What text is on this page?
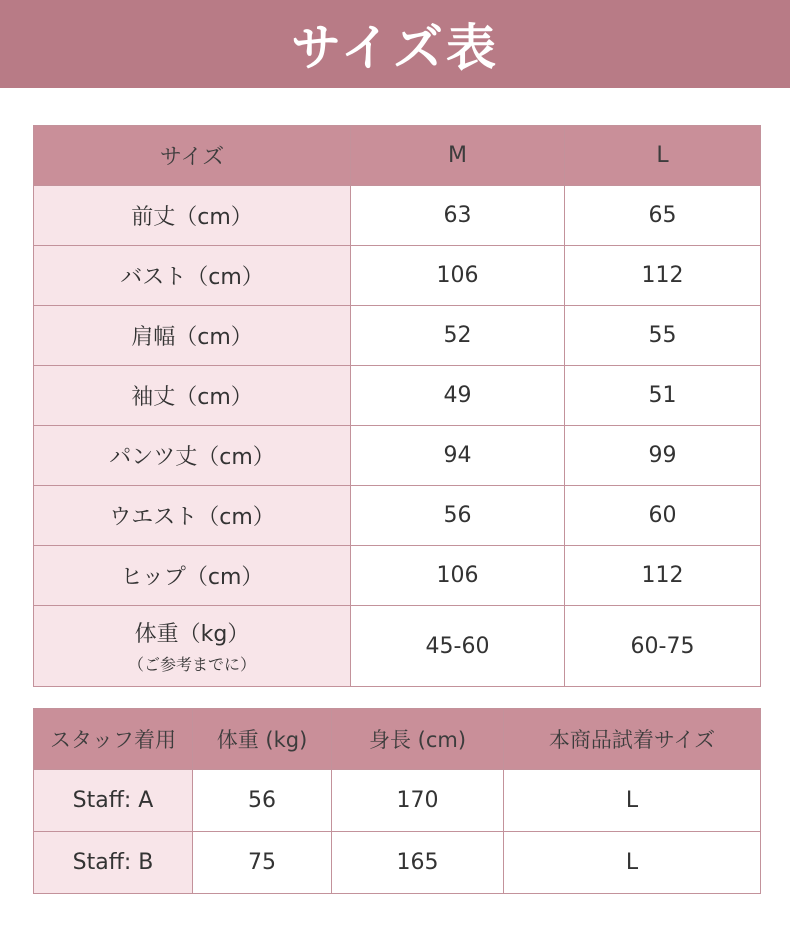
サイズ表
サイズ	M	L
前丈（cm）	63	65
バスト（cm）	106	112
肩幅（cm）	52	55
袖丈（cm）	49	51
パンツ丈（cm）	94	99
ウエスト（cm）	56	60
ヒップ（cm）	106	112

体重（kg）
（ご参考までに）	45-60	60-75
スタッフ着用	体重 (kg)	身長 (cm)	本商品試着サイズ
Staff: A	56	170	L
Staff: B	75	165	L
